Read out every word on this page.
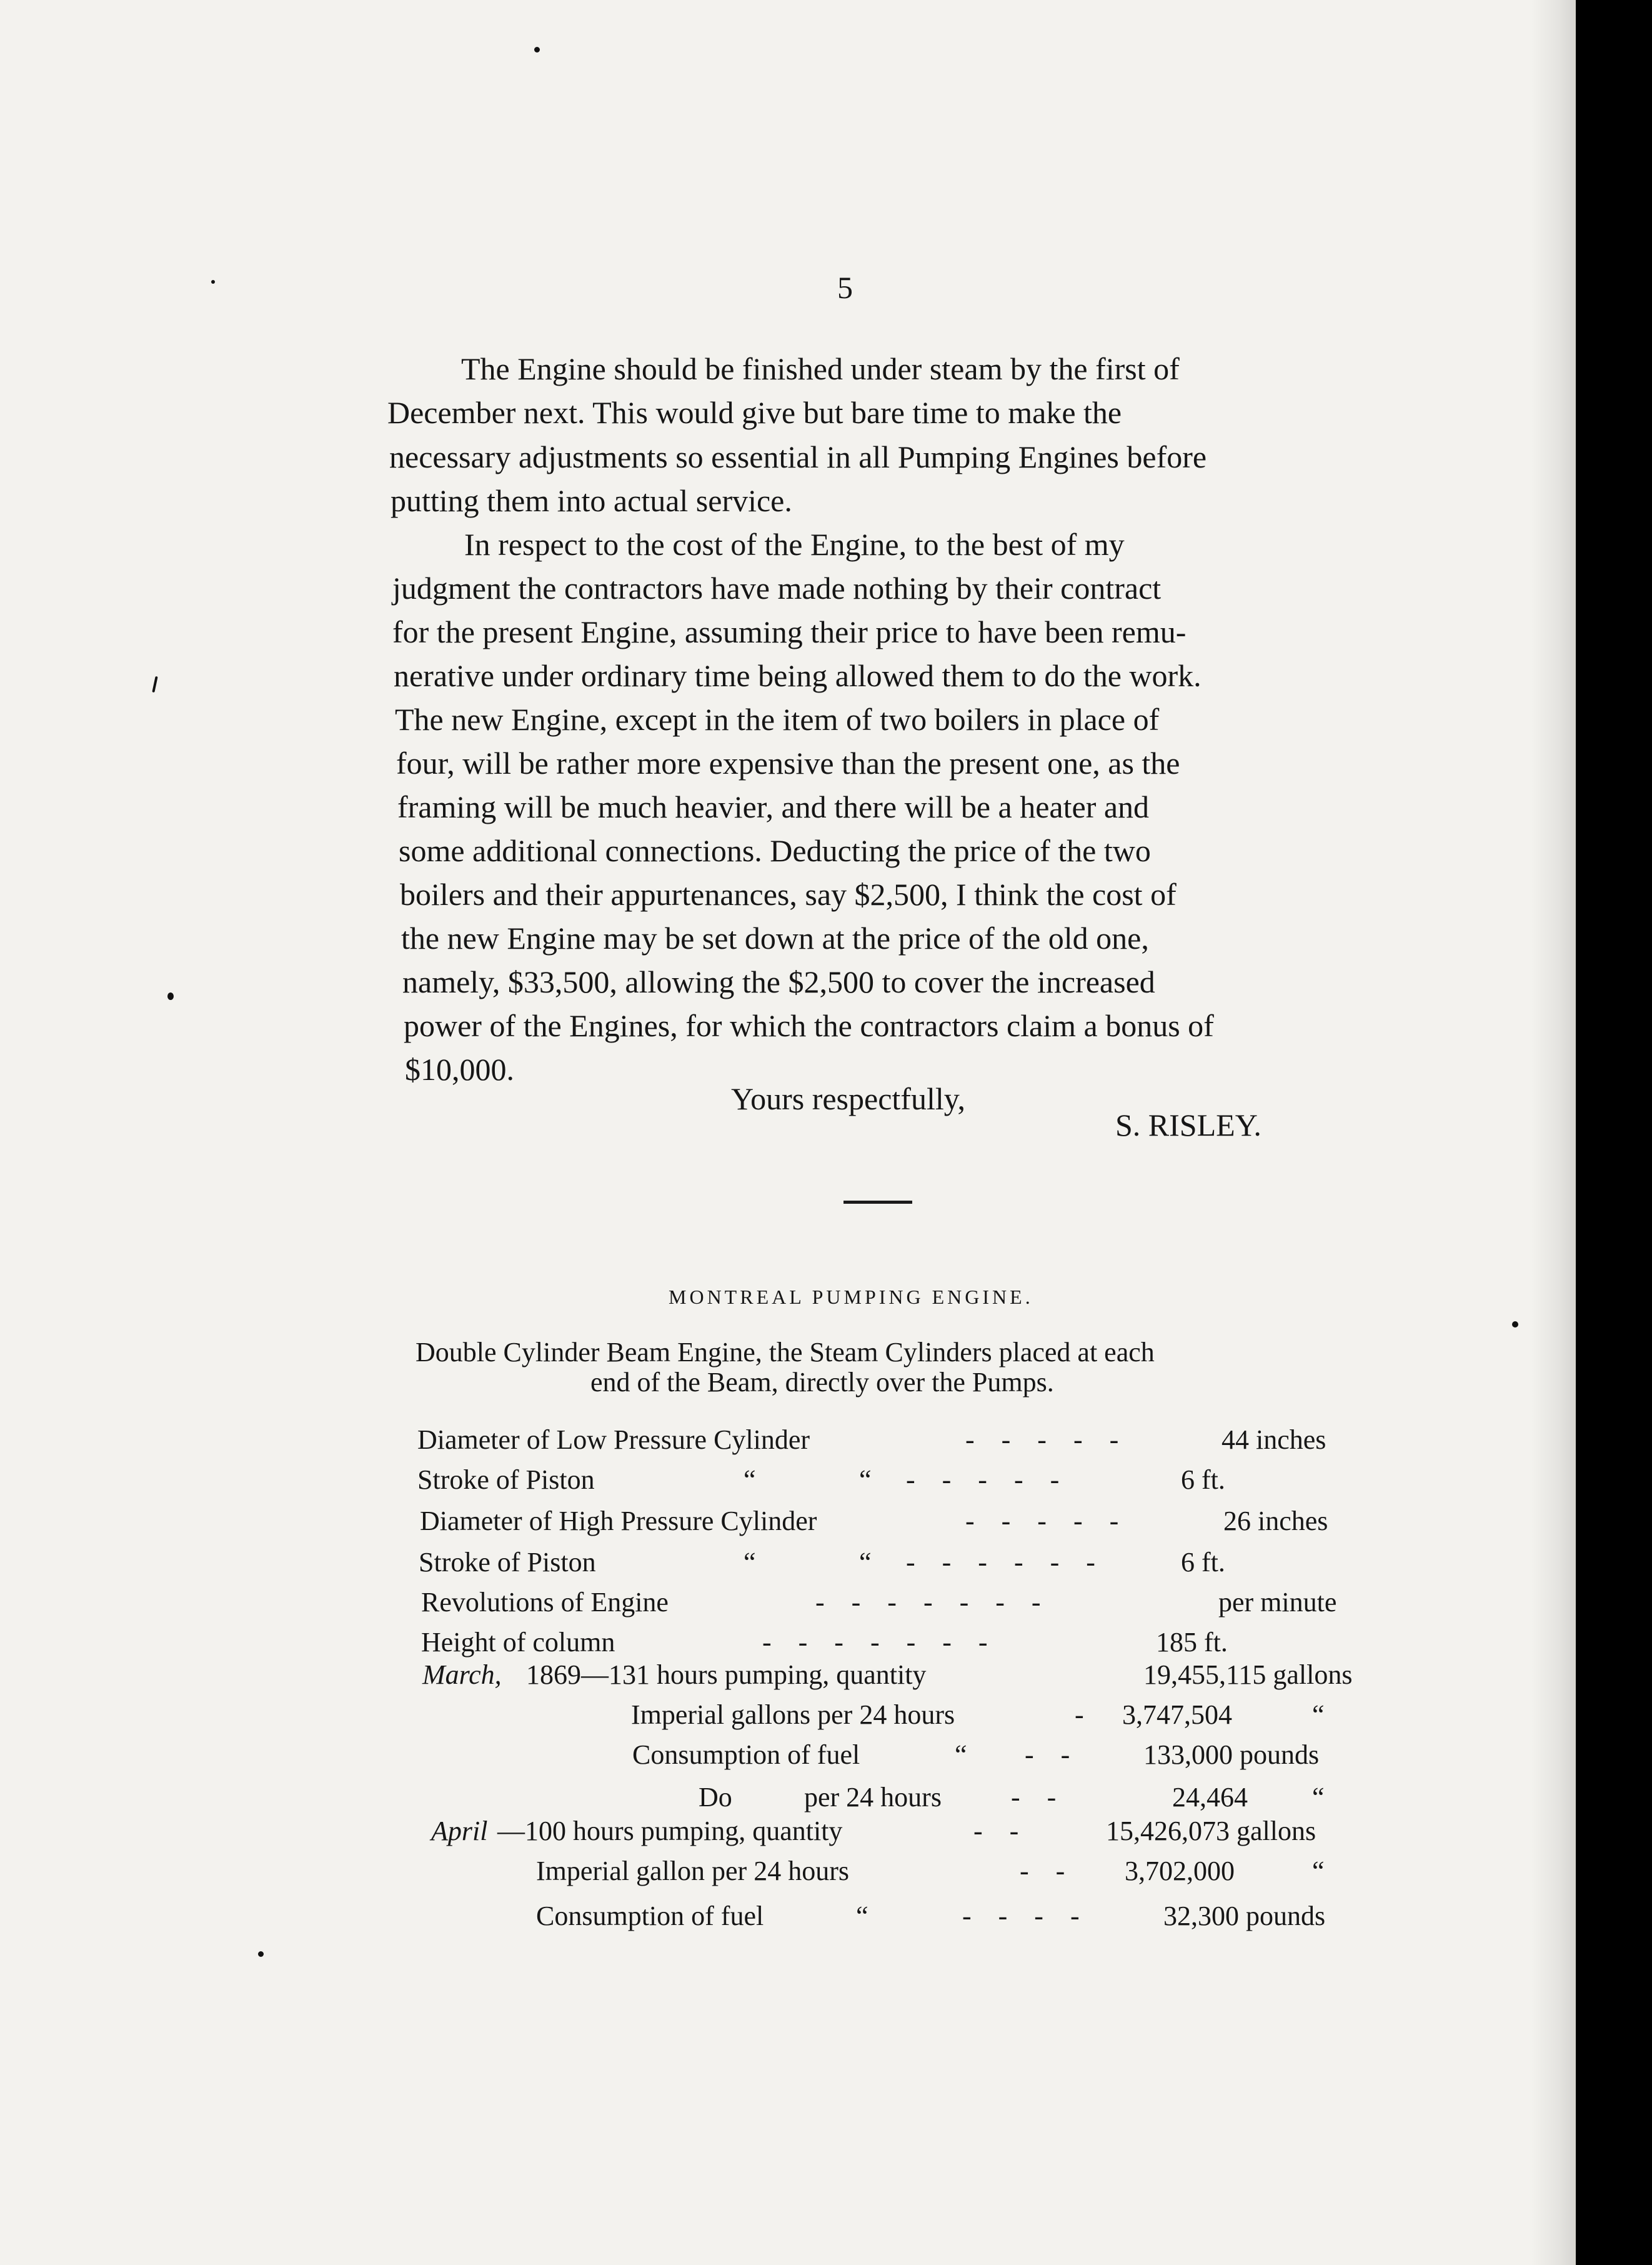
5
The Engine should be finished under steam by the first of
December next. This would give but bare time to make the
necessary adjustments so essential in all Pumping Engines before
putting them into actual service.
In respect to the cost of the Engine, to the best of my
judgment the contractors have made nothing by their contract
for the present Engine, assuming their price to have been remu-
nerative under ordinary time being allowed them to do the work.
The new Engine, except in the item of two boilers in place of
four, will be rather more expensive than the present one, as the
framing will be much heavier, and there will be a heater and
some additional connections. Deducting the price of the two
boilers and their appurtenances, say $2,500, I think the cost of
the new Engine may be set down at the price of the old one,
namely, $33,500, allowing the $2,500 to cover the increased
power of the Engines, for which the contractors claim a bonus of
$10,000.
Yours respectfully,
S. RISLEY.
MONTREAL PUMPING ENGINE.
Double Cylinder Beam Engine, the Steam Cylinders placed at each
end of the Beam, directly over the Pumps.
Diameter of Low Pressure Cylinder	- - - - -	44 inches
Stroke of Piston	“	“ - - - - -	6 ft.
Diameter of High Pressure Cylinder	- - - - -	26 inches
Stroke of Piston	“	“ - - - - - -	6 ft.
Revolutions of Engine	- - - - - - -	per minute
Height of column	- - - - - - -	185 ft.
March, 1869—131 hours pumping, quantity	19,455,115 gallons
Imperial gallons per 24 hours	- 3,747,504	“
Consumption of fuel	“ - - 133,000 pounds
Do	per 24 hours	- -	24,464 “
April —100 hours pumping, quantity	- -	15,426,073 gallons
Imperial gallon per 24 hours	- - 3,702,000	“
Consumption of fuel	“	- - - -	32,300 pounds
